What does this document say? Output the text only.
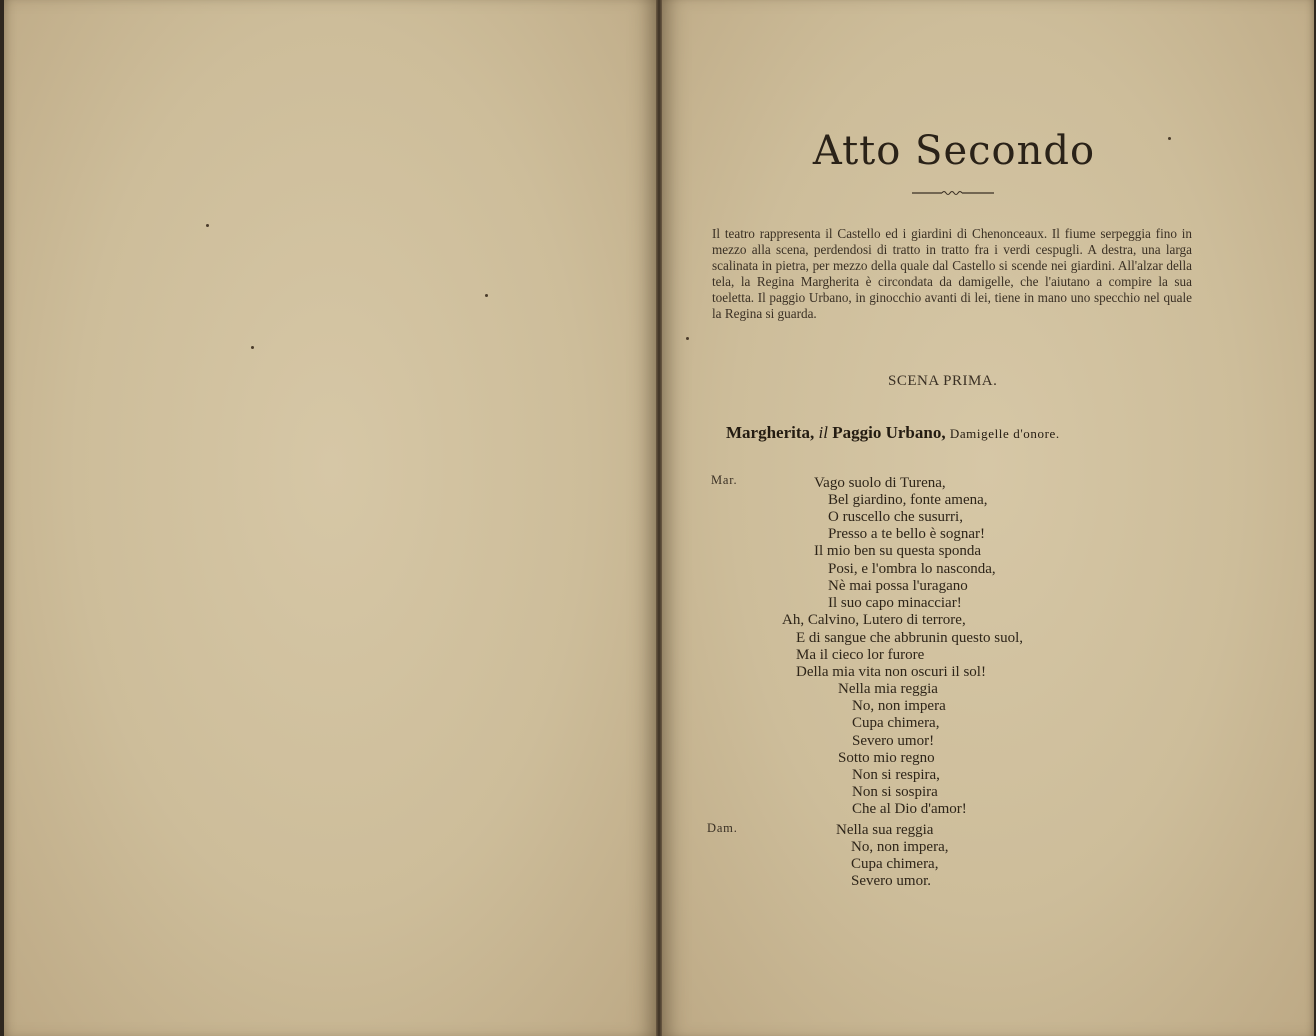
Atto Secondo
Il teatro rappresenta il Castello ed i giardini di Chenonceaux. Il fiume serpeggia fino in mezzo alla scena, perdendosi di tratto in tratto fra i verdi cespugli. A destra, una larga scalinata in pietra, per mezzo della quale dal Castello si scende nei giardini. All'alzar della tela, la Regina Margherita è circondata da damigelle, che l'aiutano a compire la sua toeletta. Il paggio Urbano, in ginocchio avanti di lei, tiene in mano uno specchio nel quale la Regina si guarda.
SCENA PRIMA.
Margherita, il Paggio Urbano, Damigelle d'onore.
Mar.
Dam.
Vago suolo di Turena,
Bel giardino, fonte amena,
O ruscello che susurri,
Presso a te bello è sognar!
Il mio ben su questa sponda
Posi, e l'ombra lo nasconda,
Nè mai possa l'uragano
Il suo capo minacciar!
Ah, Calvino, Lutero di terrore,
E di sangue che abbrunin questo suol,
Ma il cieco lor furore
Della mia vita non oscuri il sol!
Nella mia reggia
No, non impera
Cupa chimera,
Severo umor!
Sotto mio regno
Non si respira,
Non si sospira
Che al Dio d'amor!
Nella sua reggia
No, non impera,
Cupa chimera,
Severo umor.
